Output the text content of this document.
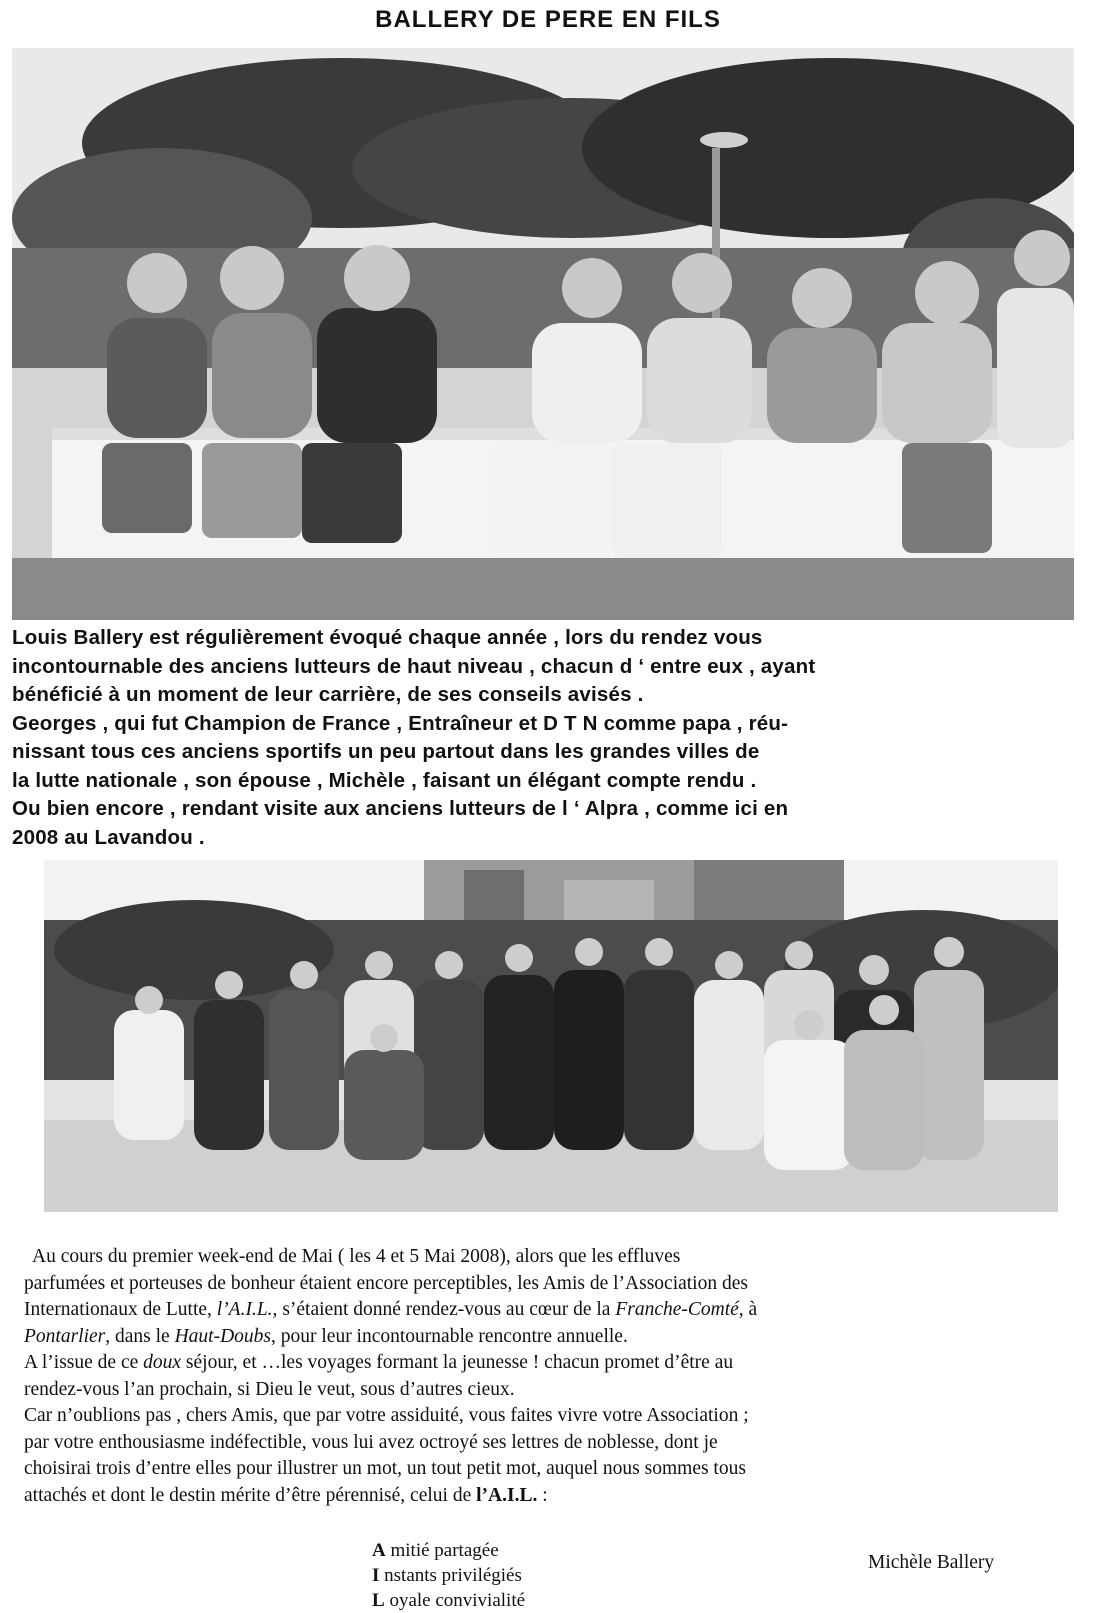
BALLERY DE PERE EN FILS
Louis Ballery est régulièrement évoqué chaque année , lors du rendez vous
incontournable des anciens lutteurs de haut niveau , chacun d ‘ entre eux , ayant
bénéficié à un moment de leur carrière, de ses conseils avisés .
Georges , qui fut Champion de France , Entraîneur et D T N comme papa , réu-
nissant tous ces anciens sportifs un peu partout dans les grandes villes de
la lutte nationale , son épouse , Michèle , faisant un élégant compte rendu .
Ou bien encore , rendant visite aux anciens lutteurs de l ‘ Alpra , comme ici en
2008 au Lavandou .
Au cours du premier week-end de Mai ( les 4 et 5 Mai 2008), alors que les effluves
parfumées et porteuses de bonheur étaient encore perceptibles, les Amis de l’Association des
Internationaux de Lutte, l’A.I.L., s’étaient donné rendez-vous au cœur de la Franche-Comté, à
Pontarlier, dans le Haut-Doubs, pour leur incontournable rencontre annuelle.
A l’issue de ce doux séjour, et …les voyages formant la jeunesse ! chacun promet d’être au
rendez-vous l’an prochain, si Dieu le veut, sous d’autres cieux.
Car n’oublions pas , chers Amis, que par votre assiduité, vous faites vivre votre Association ;
par votre enthousiasme indéfectible, vous lui avez octroyé ses lettres de noblesse, dont je
choisirai trois d’entre elles pour illustrer un mot, un tout petit mot, auquel nous sommes tous
attachés et dont le destin mérite d’être pérennisé, celui de l’A.I.L. :
A mitié partagée
I nstants privilégiés
L oyale convivialité
Michèle Ballery
